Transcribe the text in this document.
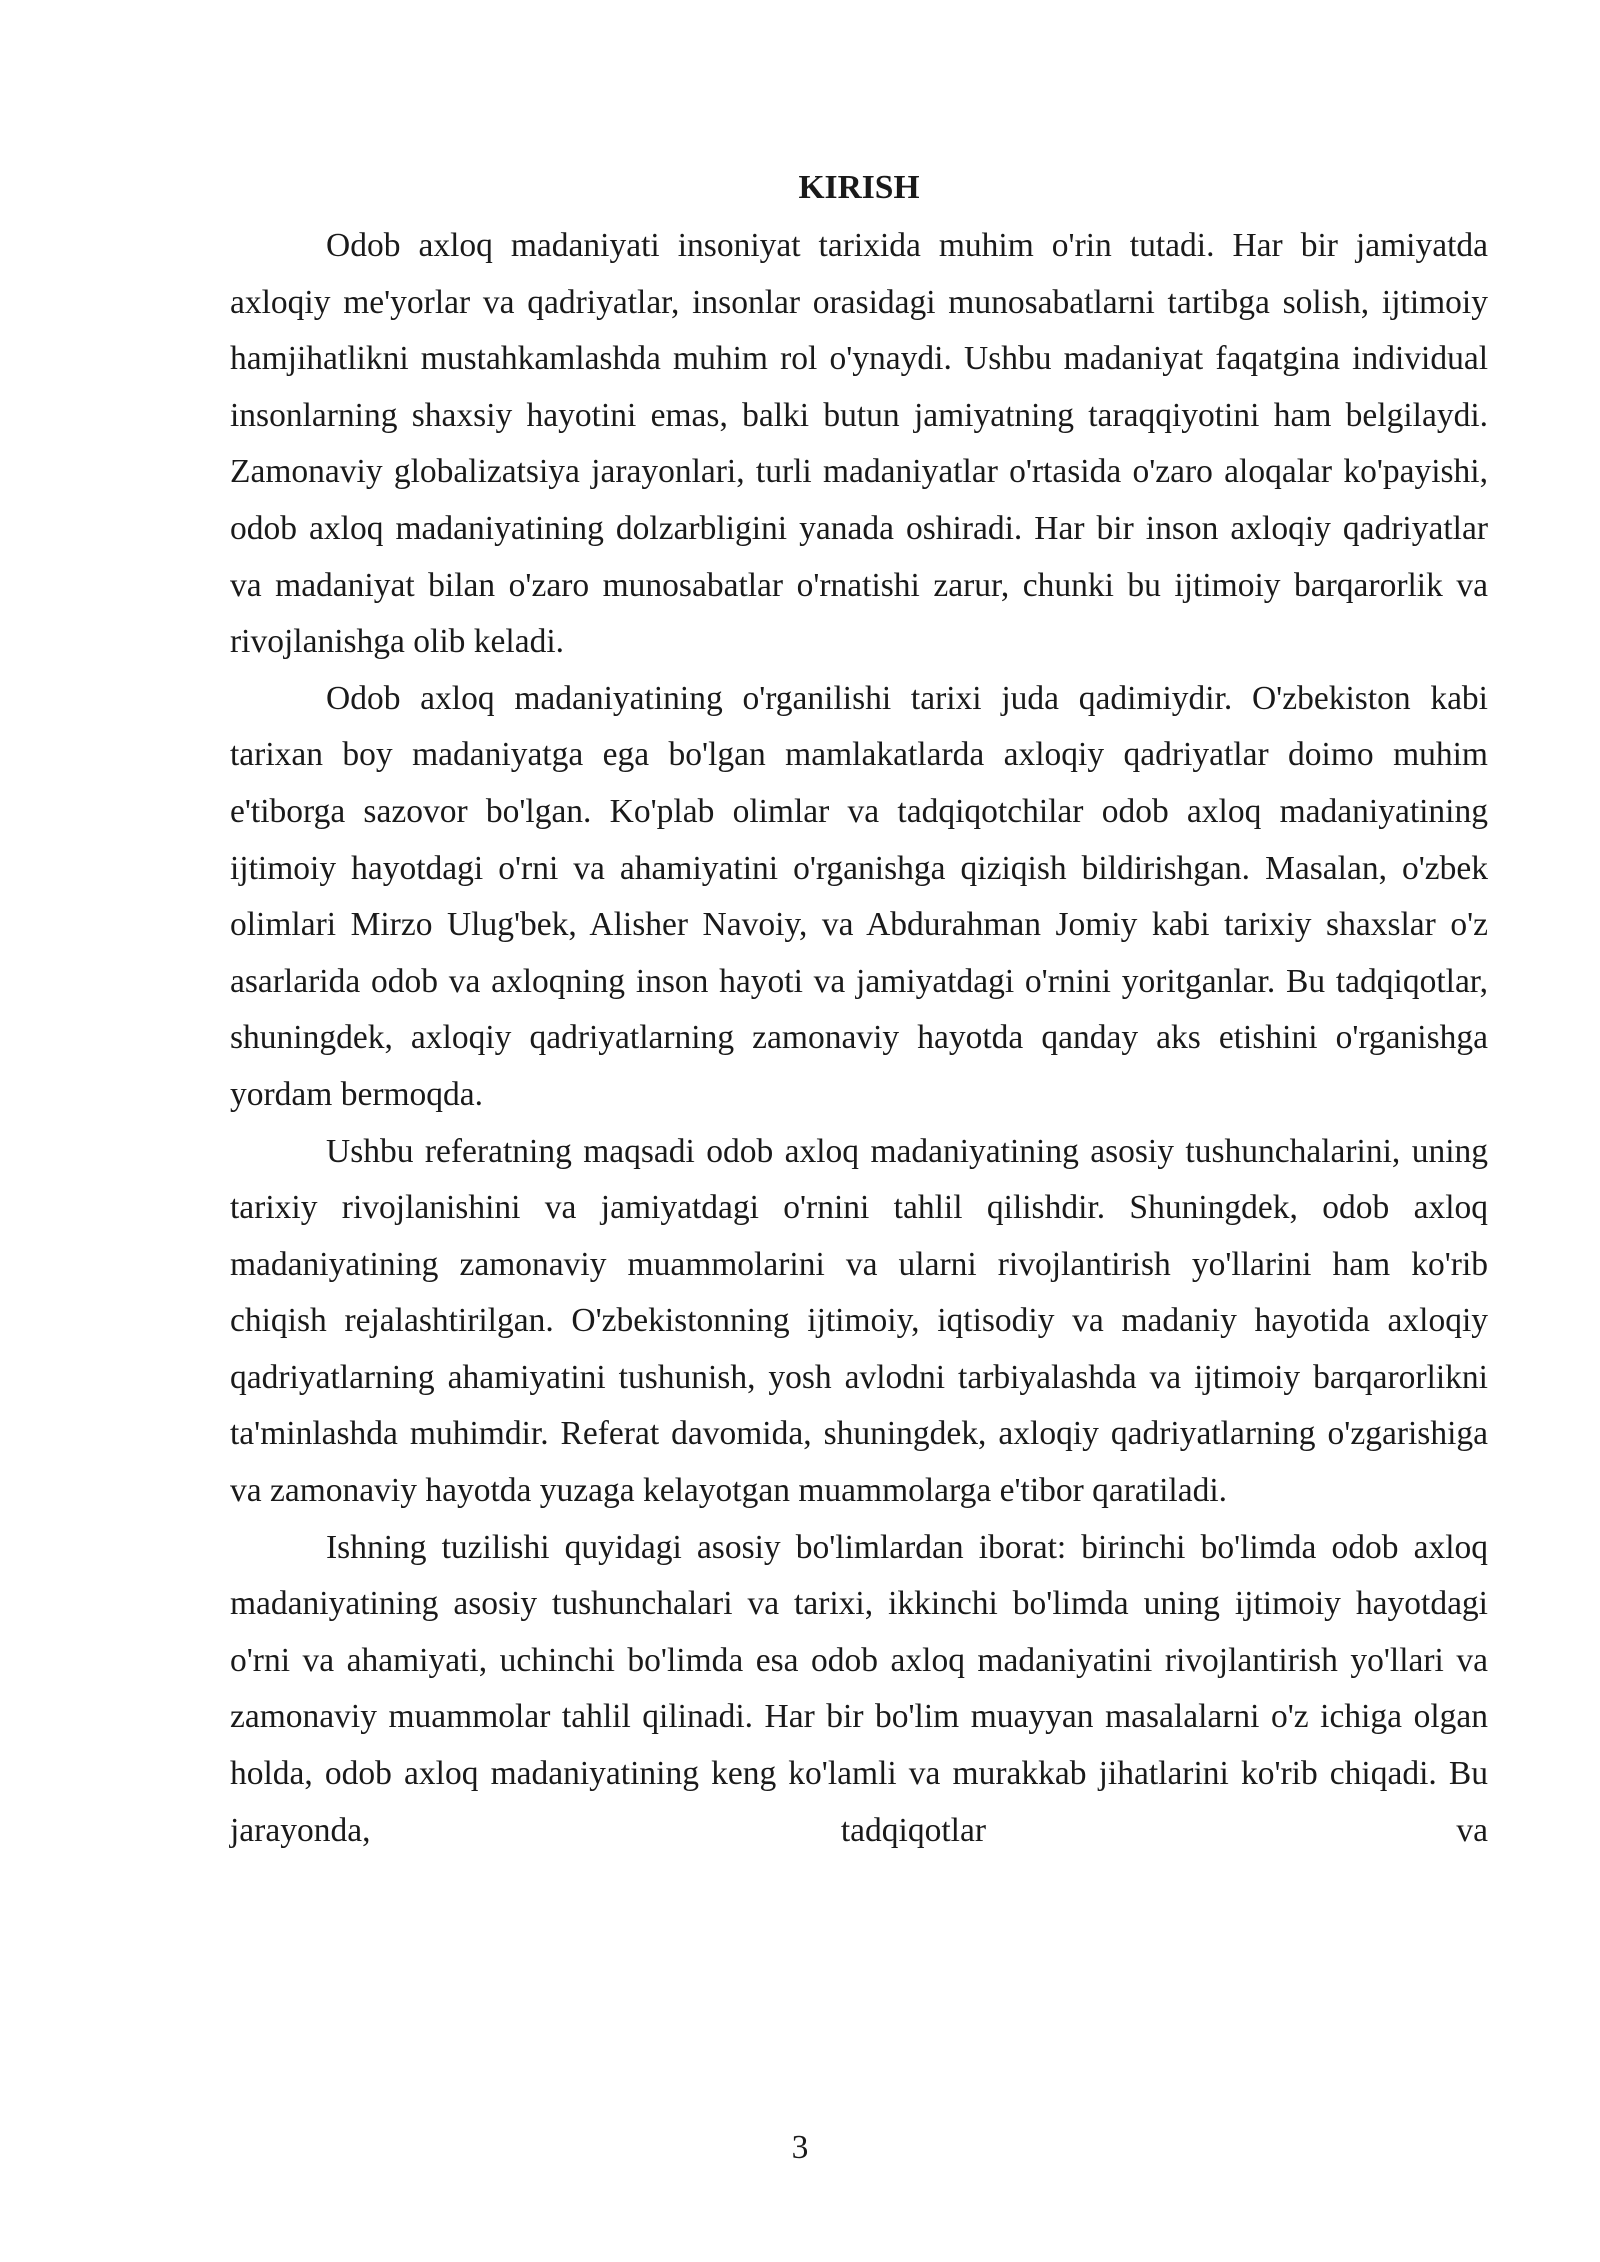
KIRISH

Odob axloq madaniyati insoniyat tarixida muhim o'rin tutadi. Har bir jamiyatda axloqiy me'yorlar va qadriyatlar, insonlar orasidagi munosabatlarni tartibga solish, ijtimoiy hamjihatlikni mustahkamlashda muhim rol o'ynaydi. Ushbu madaniyat faqatgina individual insonlarning shaxsiy hayotini emas, balki butun jamiyatning taraqqiyotini ham belgilaydi. Zamonaviy globalizatsiya jarayonlari, turli madaniyatlar o'rtasida o'zaro aloqalar ko'payishi, odob axloq madaniyatining dolzarbligini yanada oshiradi. Har bir inson axloqiy qadriyatlar va madaniyat bilan o'zaro munosabatlar o'rnatishi zarur, chunki bu ijtimoiy barqarorlik va rivojlanishga olib keladi.

Odob axloq madaniyatining o'rganilishi tarixi juda qadimiydir. O'zbekiston kabi tarixan boy madaniyatga ega bo'lgan mamlakatlarda axloqiy qadriyatlar doimo muhim e'tiborga sazovor bo'lgan. Ko'plab olimlar va tadqiqotchilar odob axloq madaniyatining ijtimoiy hayotdagi o'rni va ahamiyatini o'rganishga qiziqish bildirishgan. Masalan, o'zbek olimlari Mirzo Ulug'bek, Alisher Navoiy, va Abdurahman Jomiy kabi tarixiy shaxslar o'z asarlarida odob va axloqning inson hayoti va jamiyatdagi o'rnini yoritganlar. Bu tadqiqotlar, shuningdek, axloqiy qadriyatlarning zamonaviy hayotda qanday aks etishini o'rganishga yordam bermoqda.

Ushbu referatning maqsadi odob axloq madaniyatining asosiy tushunchalarini, uning tarixiy rivojlanishini va jamiyatdagi o'rnini tahlil qilishdir. Shuningdek, odob axloq madaniyatining zamonaviy muammolarini va ularni rivojlantirish yo'llarini ham ko'rib chiqish rejalashtirilgan. O'zbekistonning ijtimoiy, iqtisodiy va madaniy hayotida axloqiy qadriyatlarning ahamiyatini tushunish, yosh avlodni tarbiyalashda va ijtimoiy barqarorlikni ta'minlashda muhimdir. Referat davomida, shuningdek, axloqiy qadriyatlarning o'zgarishiga va zamonaviy hayotda yuzaga kelayotgan muammolarga e'tibor qaratiladi.

Ishning tuzilishi quyidagi asosiy bo'limlardan iborat: birinchi bo'limda odob axloq madaniyatining asosiy tushunchalari va tarixi, ikkinchi bo'limda uning ijtimoiy hayotdagi o'rni va ahamiyati, uchinchi bo'limda esa odob axloq madaniyatini rivojlantirish yo'llari va zamonaviy muammolar tahlil qilinadi. Har bir bo'lim muayyan masalalarni o'z ichiga olgan holda, odob axloq madaniyatining keng ko'lamli va murakkab jihatlarini ko'rib chiqadi. Bu jarayonda, tadqiqotlar va

3
